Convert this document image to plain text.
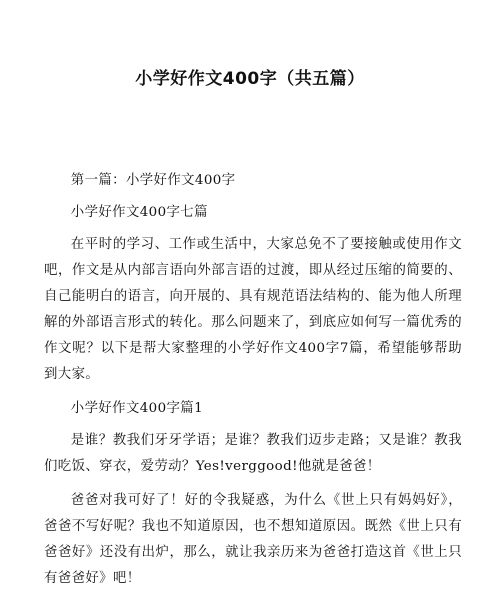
小学好作文400字（共五篇）

第一篇：小学好作文400字

小学好作文400字七篇

在平时的学习、工作或生活中，大家总免不了要接触或使用作文吧，作文是从内部言语向外部言语的过渡，即从经过压缩的简要的、自己能明白的语言，向开展的、具有规范语法结构的、能为他人所理解的外部语言形式的转化。那么问题来了，到底应如何写一篇优秀的作文呢？以下是帮大家整理的小学好作文400字7篇，希望能够帮助到大家。

小学好作文400字篇1

是谁？教我们牙牙学语；是谁？教我们迈步走路；又是谁？教我们吃饭、穿衣，爱劳动？Yes!verggood!他就是爸爸！

爸爸对我可好了！好的令我疑惑，为什么《世上只有妈妈好》，爸爸不写好呢？我也不知道原因，也不想知道原因。既然《世上只有爸爸好》还没有出炉，那么，就让我亲历来为爸爸打造这首《世上只有爸爸好》吧！
